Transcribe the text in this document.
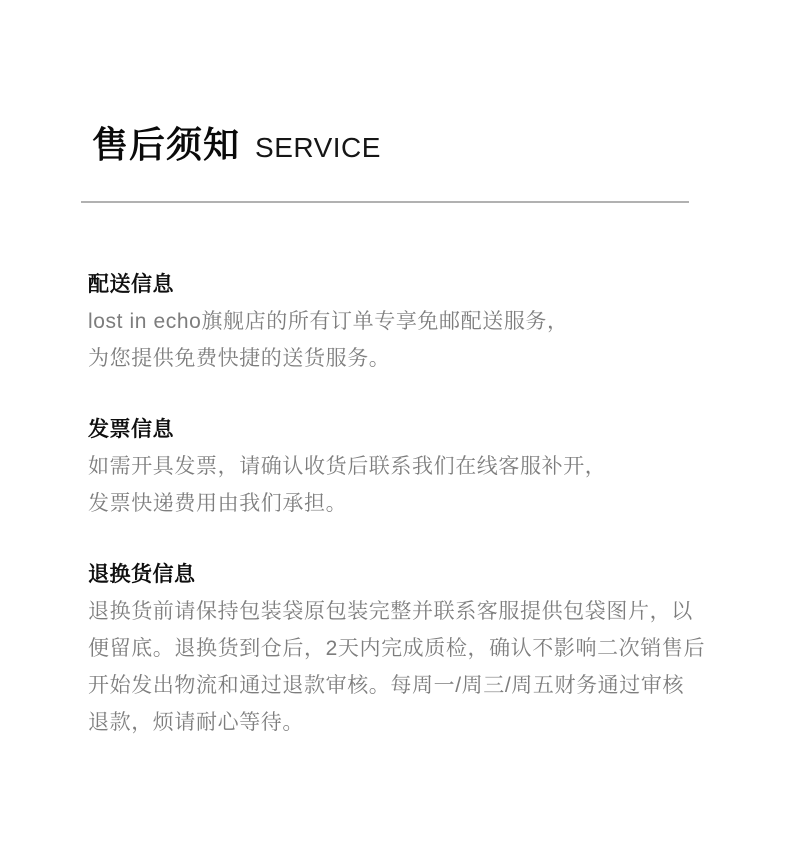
售后须知 SERVICE
配送信息
lost in echo旗舰店的所有订单专享免邮配送服务，
为您提供免费快捷的送货服务。
发票信息
如需开具发票，请确认收货后联系我们在线客服补开，
发票快递费用由我们承担。
退换货信息
退换货前请保持包装袋原包装完整并联系客服提供包袋图片，以
便留底。退换货到仓后，2天内完成质检，确认不影响二次销售后
开始发出物流和通过退款审核。每周一/周三/周五财务通过审核
退款，烦请耐心等待。
